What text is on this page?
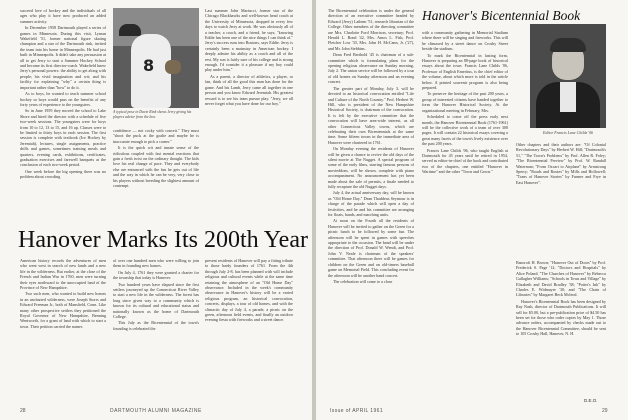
succeed love of hockey and the individuals of all ages who play it have now produced an added summer activity.

In December 1958 Dartmouth played a series of games in Minnesota. During this visit, Lyman Wakefield '51, former national figure skating champion and a star of the Dartmouth rink, invited the team into his home in Minneapolis. He had just built in Minneapolis. It didn't take any persuasion at all to get Jerry to start a Summer Hockey School and become its first director-coach. Wakefield knew Jerry's personal powers: the ability to get along with people; his vivid imagination and wit; and his facility for explaining "why" a certain thing is important rather than "how" to do it.

As to boys, he wanted to teach summer school hockey so boys would pass on the benefits of any forty years of experience to the youngsters.

So in June 1959 they moved the school to Lake Shore and hired the director with a schedule of five two-week sessions. The youngsters were for boys from 10 to 12, 13 to 15, and 16 up. Classes were to be limited to thirty boys in each session. The first session is complete with textbook (Ice Hockey by Jeremiah), lectures, single assignments, practice drills and games, sometimes training meals and quarters, evening cards, exhibitions, certificates, graduation exercises and farewell banquets at the conclusion of each two-week period.

One week before the big opening there was no problem about crowding

8
A typical pose in Davie Rink shows Jerry giving his players advice from the box.

confidence — not cocky with conceit." They must "shoot the puck at the goalie and maybe he is inaccurate enough to pick a corner."

It is the quick wit and innate sense of the ridiculous coupled with fast mental reactions that gain a fresh twist on the ordinary thought. The kids love his real change of pace. They and everybody else are entranced with the fun he gets out of life and the way in which he can be very, very close to his players without breeding the slightest amount of contempt.

Last summer John Mariucci, former star of the Chicago Blackhawks and well-known head coach at the University of Minnesota, dropped in every few days to watch Jerry at work. He was obviously all of a teacher, a coach, and a friend, he says, "knowing Eddie has been one of the nice things I can think of." Jerry's success runs into Bostons, says Eddie. Jerry is certainly been a mainstay in American hockey. I deeply admire his ability as a coach and all of the rest. My son is fairly sure of his college and is strong enough. I'd consider it a pleasure if my boy could play under him."

As a parent, a director of athletics, a player, or fan, think of all the good this man has done for the game. And his Lamb, Jerry came all together in one person and you know Edward Jeremiah. His greatest reward is to see his team pursue play. "Jerry, we all never forget what you have done for our boy."

Hanover Marks Its 200th Year

American history records the adventures of men who went west in search of new lands and a new life in the wilderness. But earlier, at the close of the French and Indian War in 1760, men were turning their eyes northward to the unoccupied land of the Province of New Hampshire.

Two such men, who wanted to build new homes in an uncharted wilderness, were Joseph Storrs and Edward Freeman Jr., both of Mansfield, Conn. Like many other prospective settlers they petitioned the Royal Governor of New Hampshire, Benning Wentworth, for a grant of land with which to start a town. Their petition carried the names

of over one hundred men who were willing to join them in founding new homes.

On July 4, 1761 they were granted a charter for the township that today is Hanover.

Two hundred years have elapsed since the first settlers journeyed up the Connecticut River Valley to start a new life in the wilderness. The forest has long since given way to a community which is known for its cultural and educational status and nationally known as the home of Dartmouth College.

This July as the Bicentennial of the town's founding is celebrated the

present residents of Hanover will pay a fitting tribute to those hardy founders of 1761. From the 4th through July 2-8, has been planned with will include religious and cultural events while at the same time retaining the atmosphere of an "Old Home Day" observance. Included in the week's community observance in Hanover's history will be a varied religious program, an historical convocation, concerts, displays, a tour of old homes, and with the climactic day of July 4, a parade, a picnic on the green, afternoon field events, and finally an outdoor evening fiesta with fireworks and a street dance.

28	DARTMOUTH ALUMNI MAGAZINE

The Bicentennial celebration is under the general direction of an executive committee headed by Edward (Jerry) Lathem '51, research librarian of the College. Other members of the directing committee are Mrs. Charlotte Ford Morrison, secretary; Prof. Herald L. Bond '42, Mrs. Amos L. Fish, Prof. Fletcher Low '33, Mrs. John H. McCann, Jr. ('27), and Mr. John Stebbins.

Dean Fred Berthold '45 is chairman of a sub-committee which is formulating plans for the opening religious observance on Sunday morning, July 2. The union service will be followed by a tour of old homes on Sunday afternoon and an evening concert.

The greater part of Monday, July 3, will be devoted to an historical convocation entitled "Life and Culture of the North Country." Prof. Herbert W. Hill, who is president of the New Hampshire Historical Society, is chairman of the convocation. It is felt by the executive committee that the convocation will have area-wide interest, as all other Connecticut Valley towns, which are celebrating their own Bicentennials at the same time. Some fifteen towns in the immediate area of Hanover were chartered in 1761.

On Monday evening the residents of Hanover will be given a chance to revive the old days of the silent movie at The Nugget. A special program of some of the early films, starring famous persons of movieddom, will be shown, complete with piano accompaniment. No announcement has yet been made about the sale of permits, a finale needed to fully recapture the old Nugget days.

July 4, the actual anniversary day, will be known as "Old Home Day." Dean Thaddeus Seymour is in charge of the parade which will open a day of festivities, and he and his committee are arranging for floats, bands, and marching units.

At noon on the Fourth all the residents of Hanover will be invited to gather on the Green for a picnic lunch to be followed by some fun. The afternoon will be spent in games with speeches appropriate to the occasion. The band will be under the direction of Prof. Donald W. Wendt, and Prof. John V. Neale is chairman of the speakers' committee. That afternoon there will be games for children on the Green and on old-timers baseball game on Memorial Field. This concluding event for the afternoon will be another band concert.

The celebration will come to a close

Hanover's Bicentennial Book

with a community gathering in Memorial Stadium where there will be singing and fireworks. This will be climaxed by a street dance on Crosby Street beside the stadium.

To mark the Bicentennial in lasting form, Hanover is preparing an 88-page book of historical essays about the town. Francis Lane Childs '06, Professor of English Emeritus, is the chief editor of the volume, about which more is told in the article below. A printed souvenir program is also being prepared.

To preserve the heritage of the past 200 years, a group of interested citizens have banded together to form the Hanover Historical Society. At the organizational meeting in February, Mrs.

Scheduled to come off the press early next month, the Hanover Bicentennial Book (1761-1961) will be the collective work of a team of over 300 pages. It will contain 22 historical essays covering a great many facets of the town's lively existence over the past 200 years.

Francis Lane Childs '06, who taught English at Dartmouth for 45 years until he retired in 1954, served as editor-in-chief of the book and contributed two of the chapters, one entitled "Hanover in Wartime" and the other "Town and Gown."

Editor Francis Lane Childs '06

Other chapters and their authors are: "Of Colonial Revolutionary Days" by Herbert W. Hill; "Dartmouth's 51," "The Town's Problems" by Prof. Allen R. Foley; "The Bicentennial Preview" by Prof. W. Randall Waterman; "From Oxcart to Airplane" by Armstrong Sperry; "Roads and Routes" by Mills and Hollowell; "Trans of Hanover Stories" by Farmer and Frye in East Hanover".

Bancroft H. Brown; "Hanover Out of Doors" by Prof. Frederick S. Page '12; "Doctors and Hospitals" by Alice Poland; "The Churches of Hanover" by Rebecca Gallagher Williams; "Schools in Town and Village" by Elizabeth and David Bradley '38; "Potter's Ink" by Charles E. Widmayer '30; and "The Chain of Libraries" by Margaret Beck Mcleod.

Hanover's Bicentennial Book has been designed by Ray Nash, director of Dartmouth Publications. It will sell for $5.00, but a pre-publication price of $4.50 has been set for those who order copies by May 1. Those advance orders, accompanied by checks made out to the Hanover Bicentennial Committee, should be sent to 105 Crosby Hall, Hanover, N. H.

D.E.O.
Issue of APRIL 1961	29
